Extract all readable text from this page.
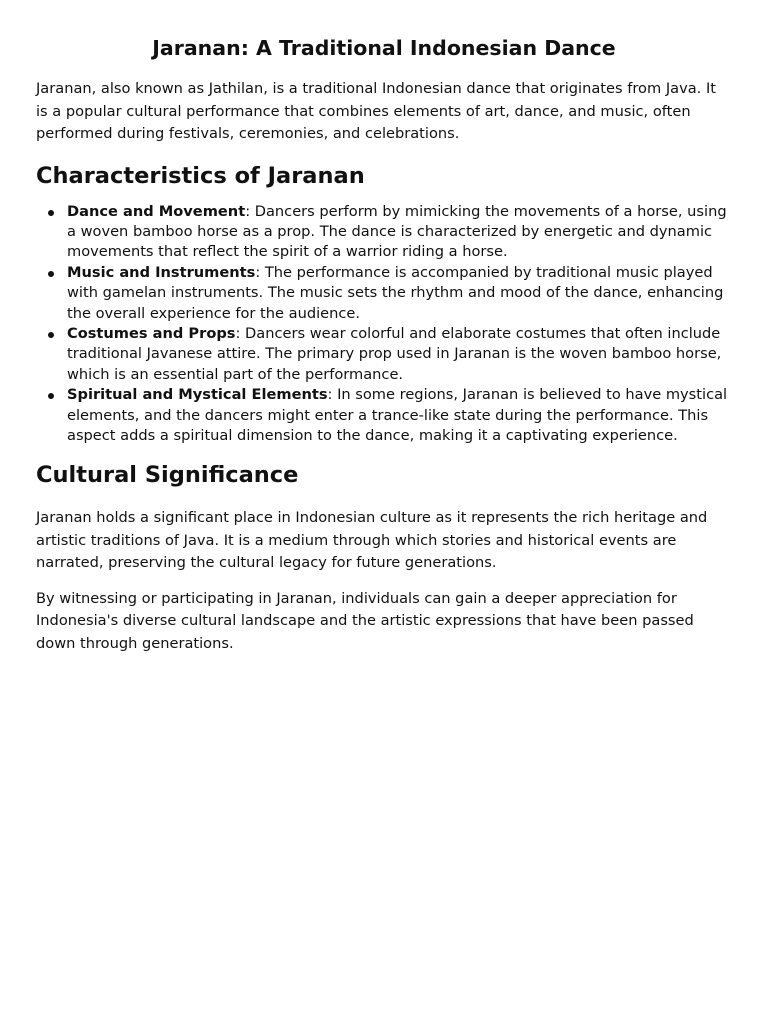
Jaranan: A Traditional Indonesian Dance

Jaranan, also known as Jathilan, is a traditional Indonesian dance that originates from Java. It is a popular cultural performance that combines elements of art, dance, and music, often performed during festivals, ceremonies, and celebrations.

Characteristics of Jaranan
Dance and Movement: Dancers perform by mimicking the movements of a horse, using a woven bamboo horse as a prop. The dance is characterized by energetic and dynamic movements that reflect the spirit of a warrior riding a horse.
Music and Instruments: The performance is accompanied by traditional music played with gamelan instruments. The music sets the rhythm and mood of the dance, enhancing the overall experience for the audience.
Costumes and Props: Dancers wear colorful and elaborate costumes that often include traditional Javanese attire. The primary prop used in Jaranan is the woven bamboo horse, which is an essential part of the performance.
Spiritual and Mystical Elements: In some regions, Jaranan is believed to have mystical elements, and the dancers might enter a trance-like state during the performance. This aspect adds a spiritual dimension to the dance, making it a captivating experience.
Cultural Significance

Jaranan holds a significant place in Indonesian culture as it represents the rich heritage and artistic traditions of Java. It is a medium through which stories and historical events are narrated, preserving the cultural legacy for future generations.

By witnessing or participating in Jaranan, individuals can gain a deeper appreciation for Indonesia's diverse cultural landscape and the artistic expressions that have been passed down through generations.
